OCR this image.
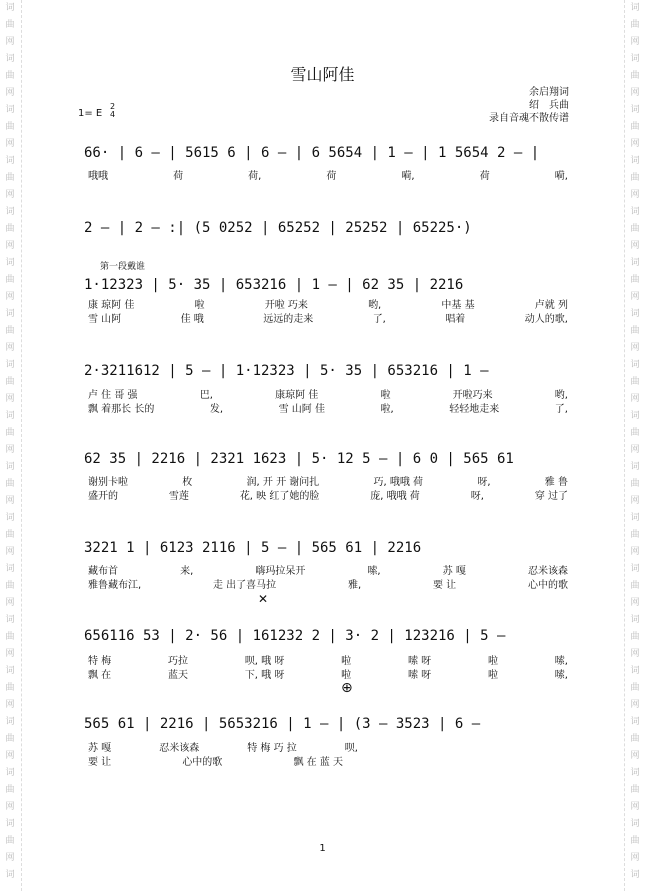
词
曲
网
词
曲
网
词
曲
网
词
曲
网
词
曲
网
词
曲
网
词
曲
网
词
曲
网
词
曲
网
词
曲
网
词
曲
网
词
曲
网
词
曲
网
词
曲
网
词
曲
网
词
曲
网
词
曲
网
词
词
曲
网
词
曲
网
词
曲
网
词
曲
网
词
曲
网
词
曲
网
词
曲
网
词
曲
网
词
曲
网
词
曲
网
词
曲
网
词
曲
网
词
曲
网
词
曲
网
词
曲
网
词
曲
网
词
曲
网
词
雪山阿佳
余启翔词
绍　兵曲
录自音魂不散传谱
1= E
2
4
第一段戴谁
66· | 6 — | 5615 6 | 6 — | 6 5654 | 1 — | 1 5654 2 — |
哦哦	荷	荷,	荷	嗬,	荷	嗬,
2 — | 2 — :| (5 0252 | 65252 | 25252 | 65225·)
1·12323 | 5· 35 | 653216 | 1 — | 62 35 | 2216
康 琼阿 佳	啦	开啦 巧来	哟,	中基 基	卢就 列
雪 山阿	佳 哦	远远的走来	了,	唱着	动人的歌,
2·3211612 | 5 — | 1·12323 | 5· 35 | 653216 | 1 —
卢 住 哥 强	巴,	康琼阿 佳	啦	开啦巧来	哟,
飘 着那长 长的	发,	雪 山阿 佳	啦,	轻轻地走来	了,
62 35 | 2216 | 2321 1623 | 5· 12 5 — | 6 0 | 565 61
谢别卡啦	枚	润, 开 开 谢问扎	巧, 哦哦 荷	呀,	雅 鲁
盛开的	雪莲	花, 映 红了她的脸	庞, 哦哦 荷	呀,	穿 过了
3221 1 | 6123 2116 | 5 — | 565 61 | 2216
藏布首	来,	嗨玛拉呆开	嗦,	苏 嘎	忍米该森
雅鲁藏布江,	走 出了喜马拉	雅,	要 让	心中的歌
✕
656116 53 | 2· 56 | 161232 2 | 3· 2 | 123216 | 5 —
特 梅	巧拉	呗, 哦 呀	啦	嗦 呀	啦	嗦,
飘 在	蓝天	下, 哦 呀	啦	嗦 呀	啦	嗦,
⊕
565 61 | 2216 | 5653216 | 1 — | (3 — 3523 | 6 —
苏 嘎	忍米该森	特 梅 巧 拉	呗,
要 让	心中的歌	飘 在 蓝 天
1
